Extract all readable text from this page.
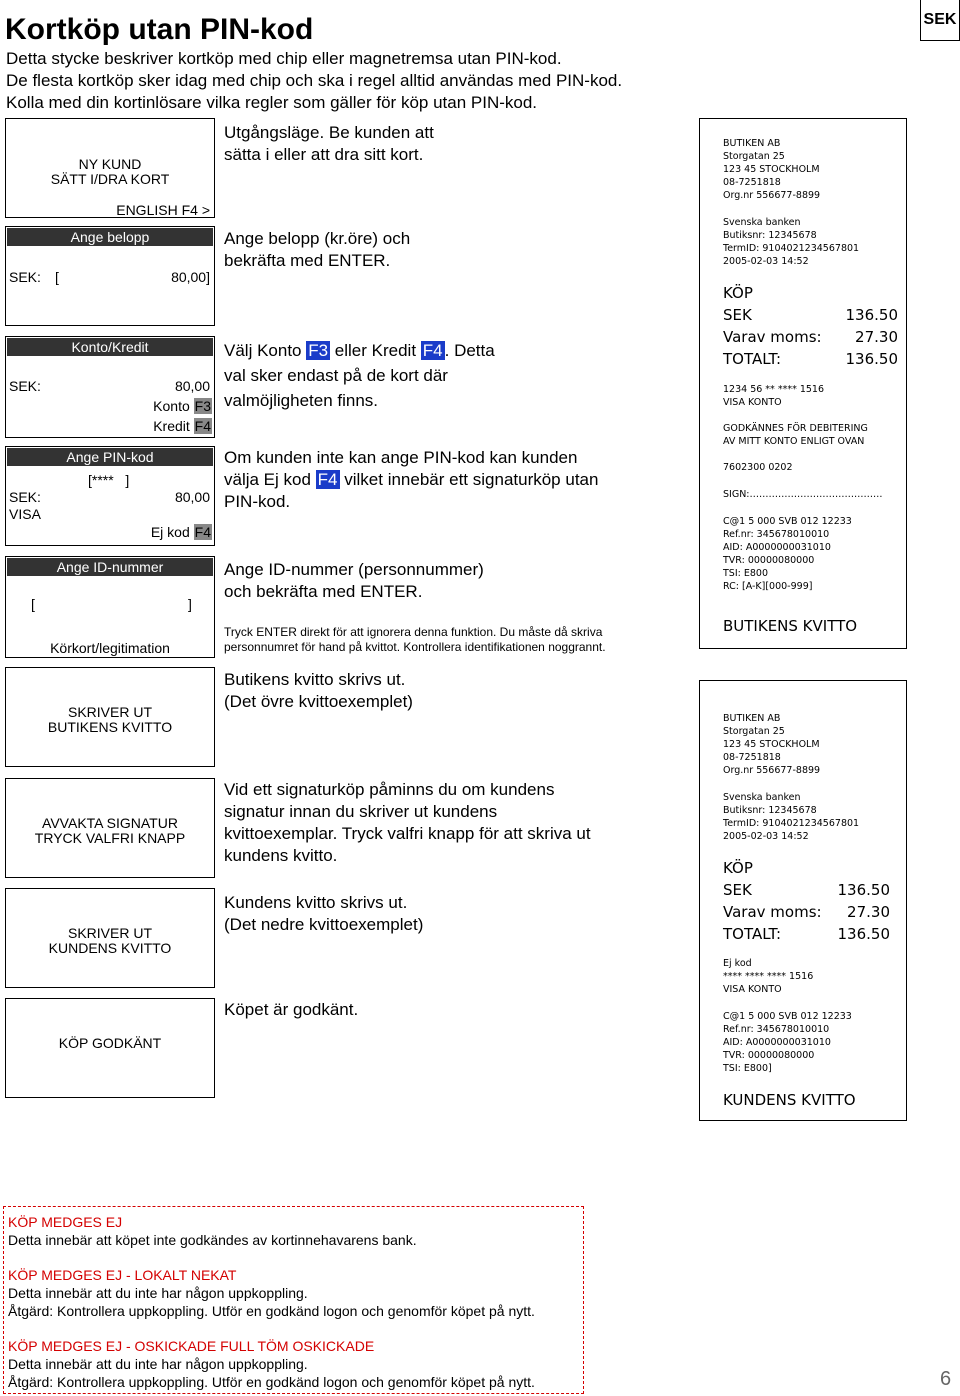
Kortköp utan PIN-kod	SEK
Detta stycke beskriver kortköp med chip eller magnetremsa utan PIN-kod.
De flesta kortköp sker idag med chip och ska i regel alltid användas med PIN-kod.
Kolla med din kortinlösare vilka regler som gäller för köp utan PIN-kod.
NY KUND
SÄTT I/DRA KORT
ENGLISH F4 >
Ange belopp
SEK: [	80,00]
Konto/Kredit
SEK:	80,00
Konto F3
Kredit F4
Ange PIN-kod
[****   ]
SEK:	80,00
VISA
Ej kod F4
Ange ID-nummer
[	]
Körkort/legitimation
SKRIVER UT
BUTIKENS KVITTO
AVVAKTA SIGNATUR
TRYCK VALFRI KNAPP
SKRIVER UT
KUNDENS KVITTO
KÖP GODKÄNT
Utgångsläge. Be kunden att
sätta i eller att dra sitt kort.
Ange belopp (kr.öre) och
bekräfta med ENTER.
Välj Konto F3 eller Kredit F4 . Detta
val sker endast på de kort där
valmöjligheten finns.
Om kunden inte kan ange PIN-kod kan kunden
välja Ej kod F4 vilket innebär ett signaturköp utan
PIN-kod.
Ange ID-nummer (personnummer)
och bekräfta med ENTER.
Tryck ENTER direkt för att ignorera denna funktion. Du måste då skriva
personnumret för hand på kvittot. Kontrollera identifikationen noggrannt.
Butikens kvitto skrivs ut.
(Det övre kvittoexemplet)
Vid ett signaturköp påminns du om kundens
signatur innan du skriver ut kundens
kvittoexemplar. Tryck valfri knapp för att skriva ut
kundens kvitto.
Kundens kvitto skrivs ut.
(Det nedre kvittoexemplet)
Köpet är godkänt.
BUTIKEN AB
Storgatan 25
123 45 STOCKHOLM
08-7251818
Org.nr 556677-8899
Svenska banken
Butiksnr: 12345678
TermID: 9104021234567801
2005-02-03 14:52
KÖP
SEK	136.50
Varav moms: 27.30
TOTALT:	136.50
1234 56 ** **** 1516
VISA KONTO
GODKÄNNES FÖR DEBITERING
AV MITT KONTO ENLIGT OVAN
7602300 0202
SIGN:……………………………………
C@1 5 000 SVB 012 12233
Ref.nr: 345678010010
AID: A0000000031010
TVR: 00000080000
TSI: E800
RC: [A-K][000-999]
BUTIKENS KVITTO
BUTIKEN AB
Storgatan 25
123 45 STOCKHOLM
08-7251818
Org.nr 556677-8899
Svenska banken
Butiksnr: 12345678
TermID: 9104021234567801
2005-02-03 14:52
KÖP
SEK	136.50
Varav moms: 27.30
TOTALT:	136.50
Ej kod
**** **** **** 1516
VISA KONTO
C@1 5 000 SVB 012 12233
Ref.nr: 345678010010
AID: A0000000031010
TVR: 00000080000
TSI: E800]
KUNDENS KVITTO
KÖP MEDGES EJ
Detta innebär att köpet inte godkändes av kortinnehavarens bank.
KÖP MEDGES EJ - LOKALT NEKAT
Detta innebär att du inte har någon uppkoppling.
Åtgärd: Kontrollera uppkoppling. Utför en godkänd logon och genomför köpet på nytt.
KÖP MEDGES EJ - OSKICKADE FULL TÖM OSKICKADE
Detta innebär att du inte har någon uppkoppling.
Åtgärd: Kontrollera uppkoppling. Utför en godkänd logon och genomför köpet på nytt.	6
